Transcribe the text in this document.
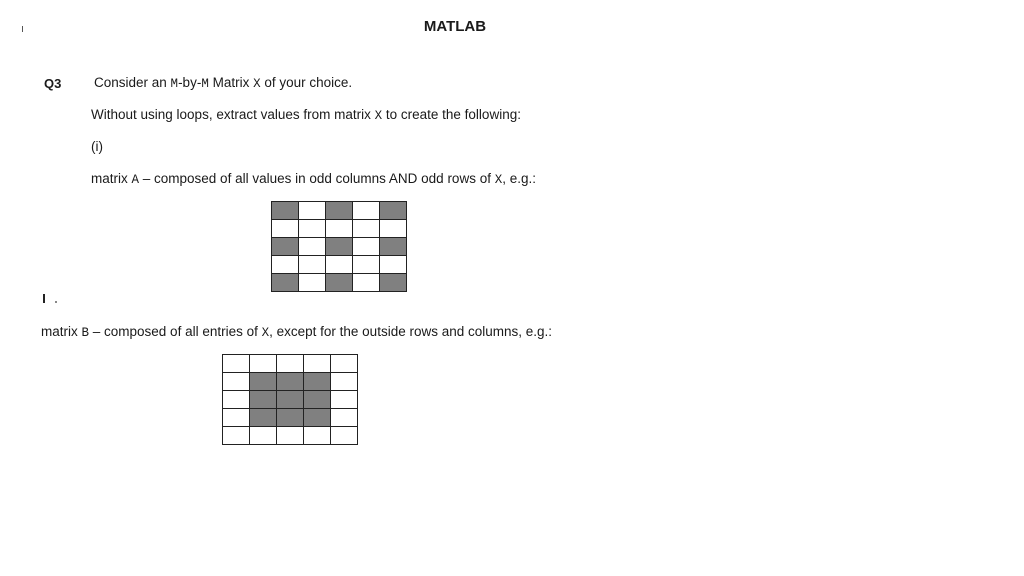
MATLAB
Q3 Consider an M-by-M Matrix X of your choice.
Without using loops, extract values from matrix X to create the following:
(i)
matrix A – composed of all values in odd columns AND odd rows of X, e.g.:

matrix B – composed of all entries of X, except for the outside rows and columns, e.g.:
